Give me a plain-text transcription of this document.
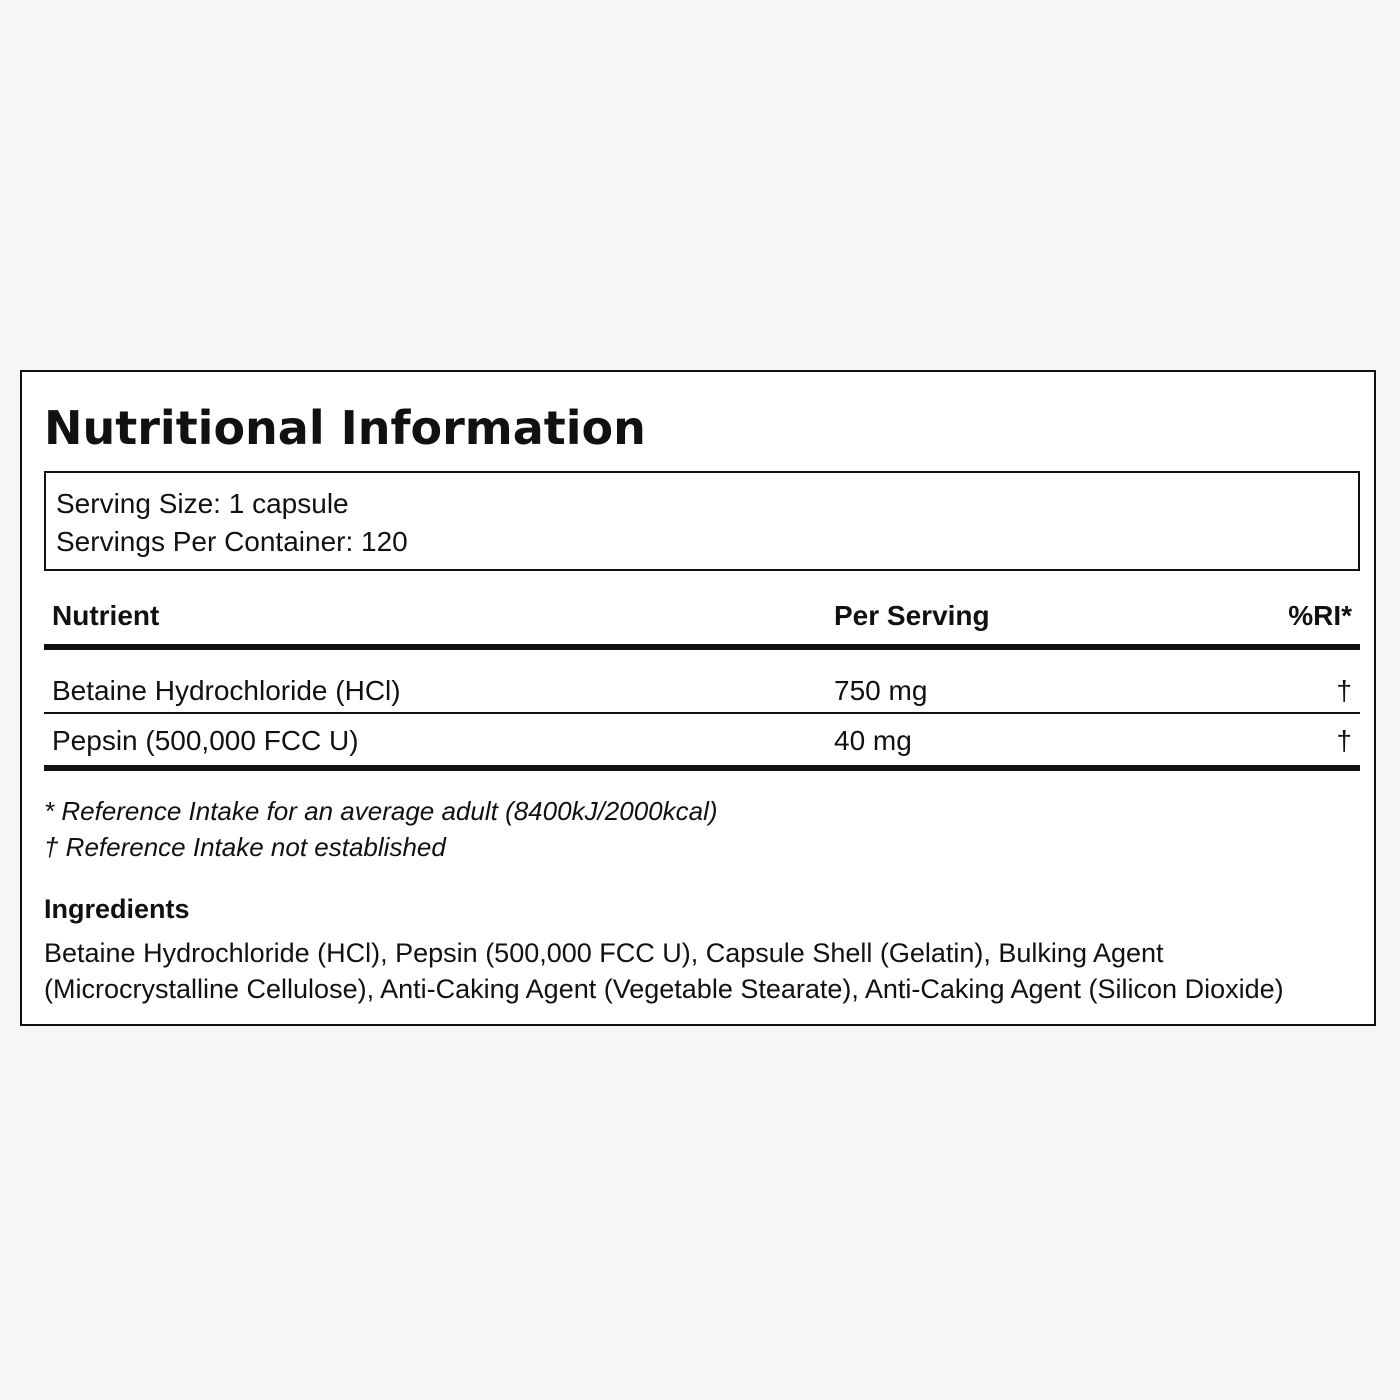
Nutritional Information
Serving Size: 1 capsule
Servings Per Container: 120
Nutrient	Per Serving	%RI*
Betaine Hydrochloride (HCl)	750 mg	†
Pepsin (500,000 FCC U)	40 mg	†
* Reference Intake for an average adult (8400kJ/2000kcal)
† Reference Intake not established
Ingredients

Betaine Hydrochloride (HCl), Pepsin (500,000 FCC U), Capsule Shell (Gelatin), Bulking Agent (Microcrystalline Cellulose), Anti-Caking Agent (Vegetable Stearate), Anti-Caking Agent (Silicon Dioxide)
